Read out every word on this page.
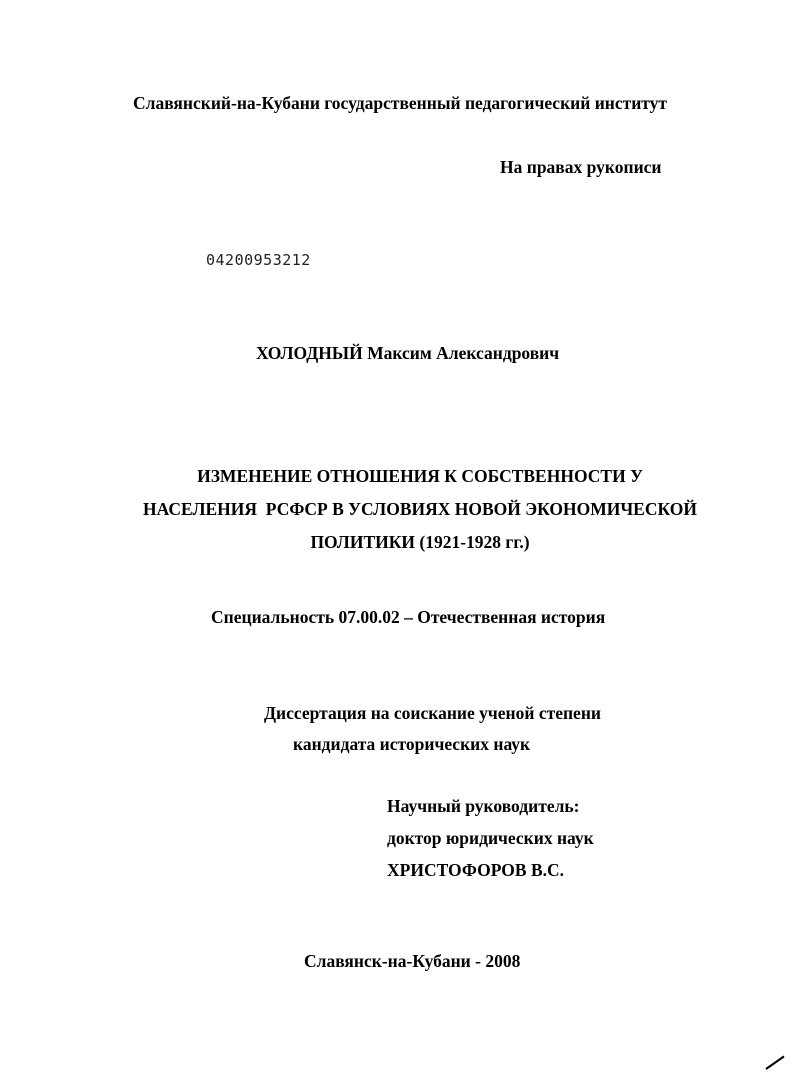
Славянский-на-Кубани государственный педагогический институт
На правах рукописи
04200953212
ХОЛОДНЫЙ Максим Александрович
ИЗМЕНЕНИЕ ОТНОШЕНИЯ К СОБСТВЕННОСТИ У
НАСЕЛЕНИЯ  РСФСР В УСЛОВИЯХ НОВОЙ ЭКОНОМИЧЕСКОЙ
ПОЛИТИКИ (1921-1928 гг.)
Специальность 07.00.02 – Отечественная история
Диссертация на соискание ученой степени
кандидата исторических наук
Научный руководитель:
доктор юридических наук
ХРИСТОФОРОВ В.С.
Славянск-на-Кубани - 2008
